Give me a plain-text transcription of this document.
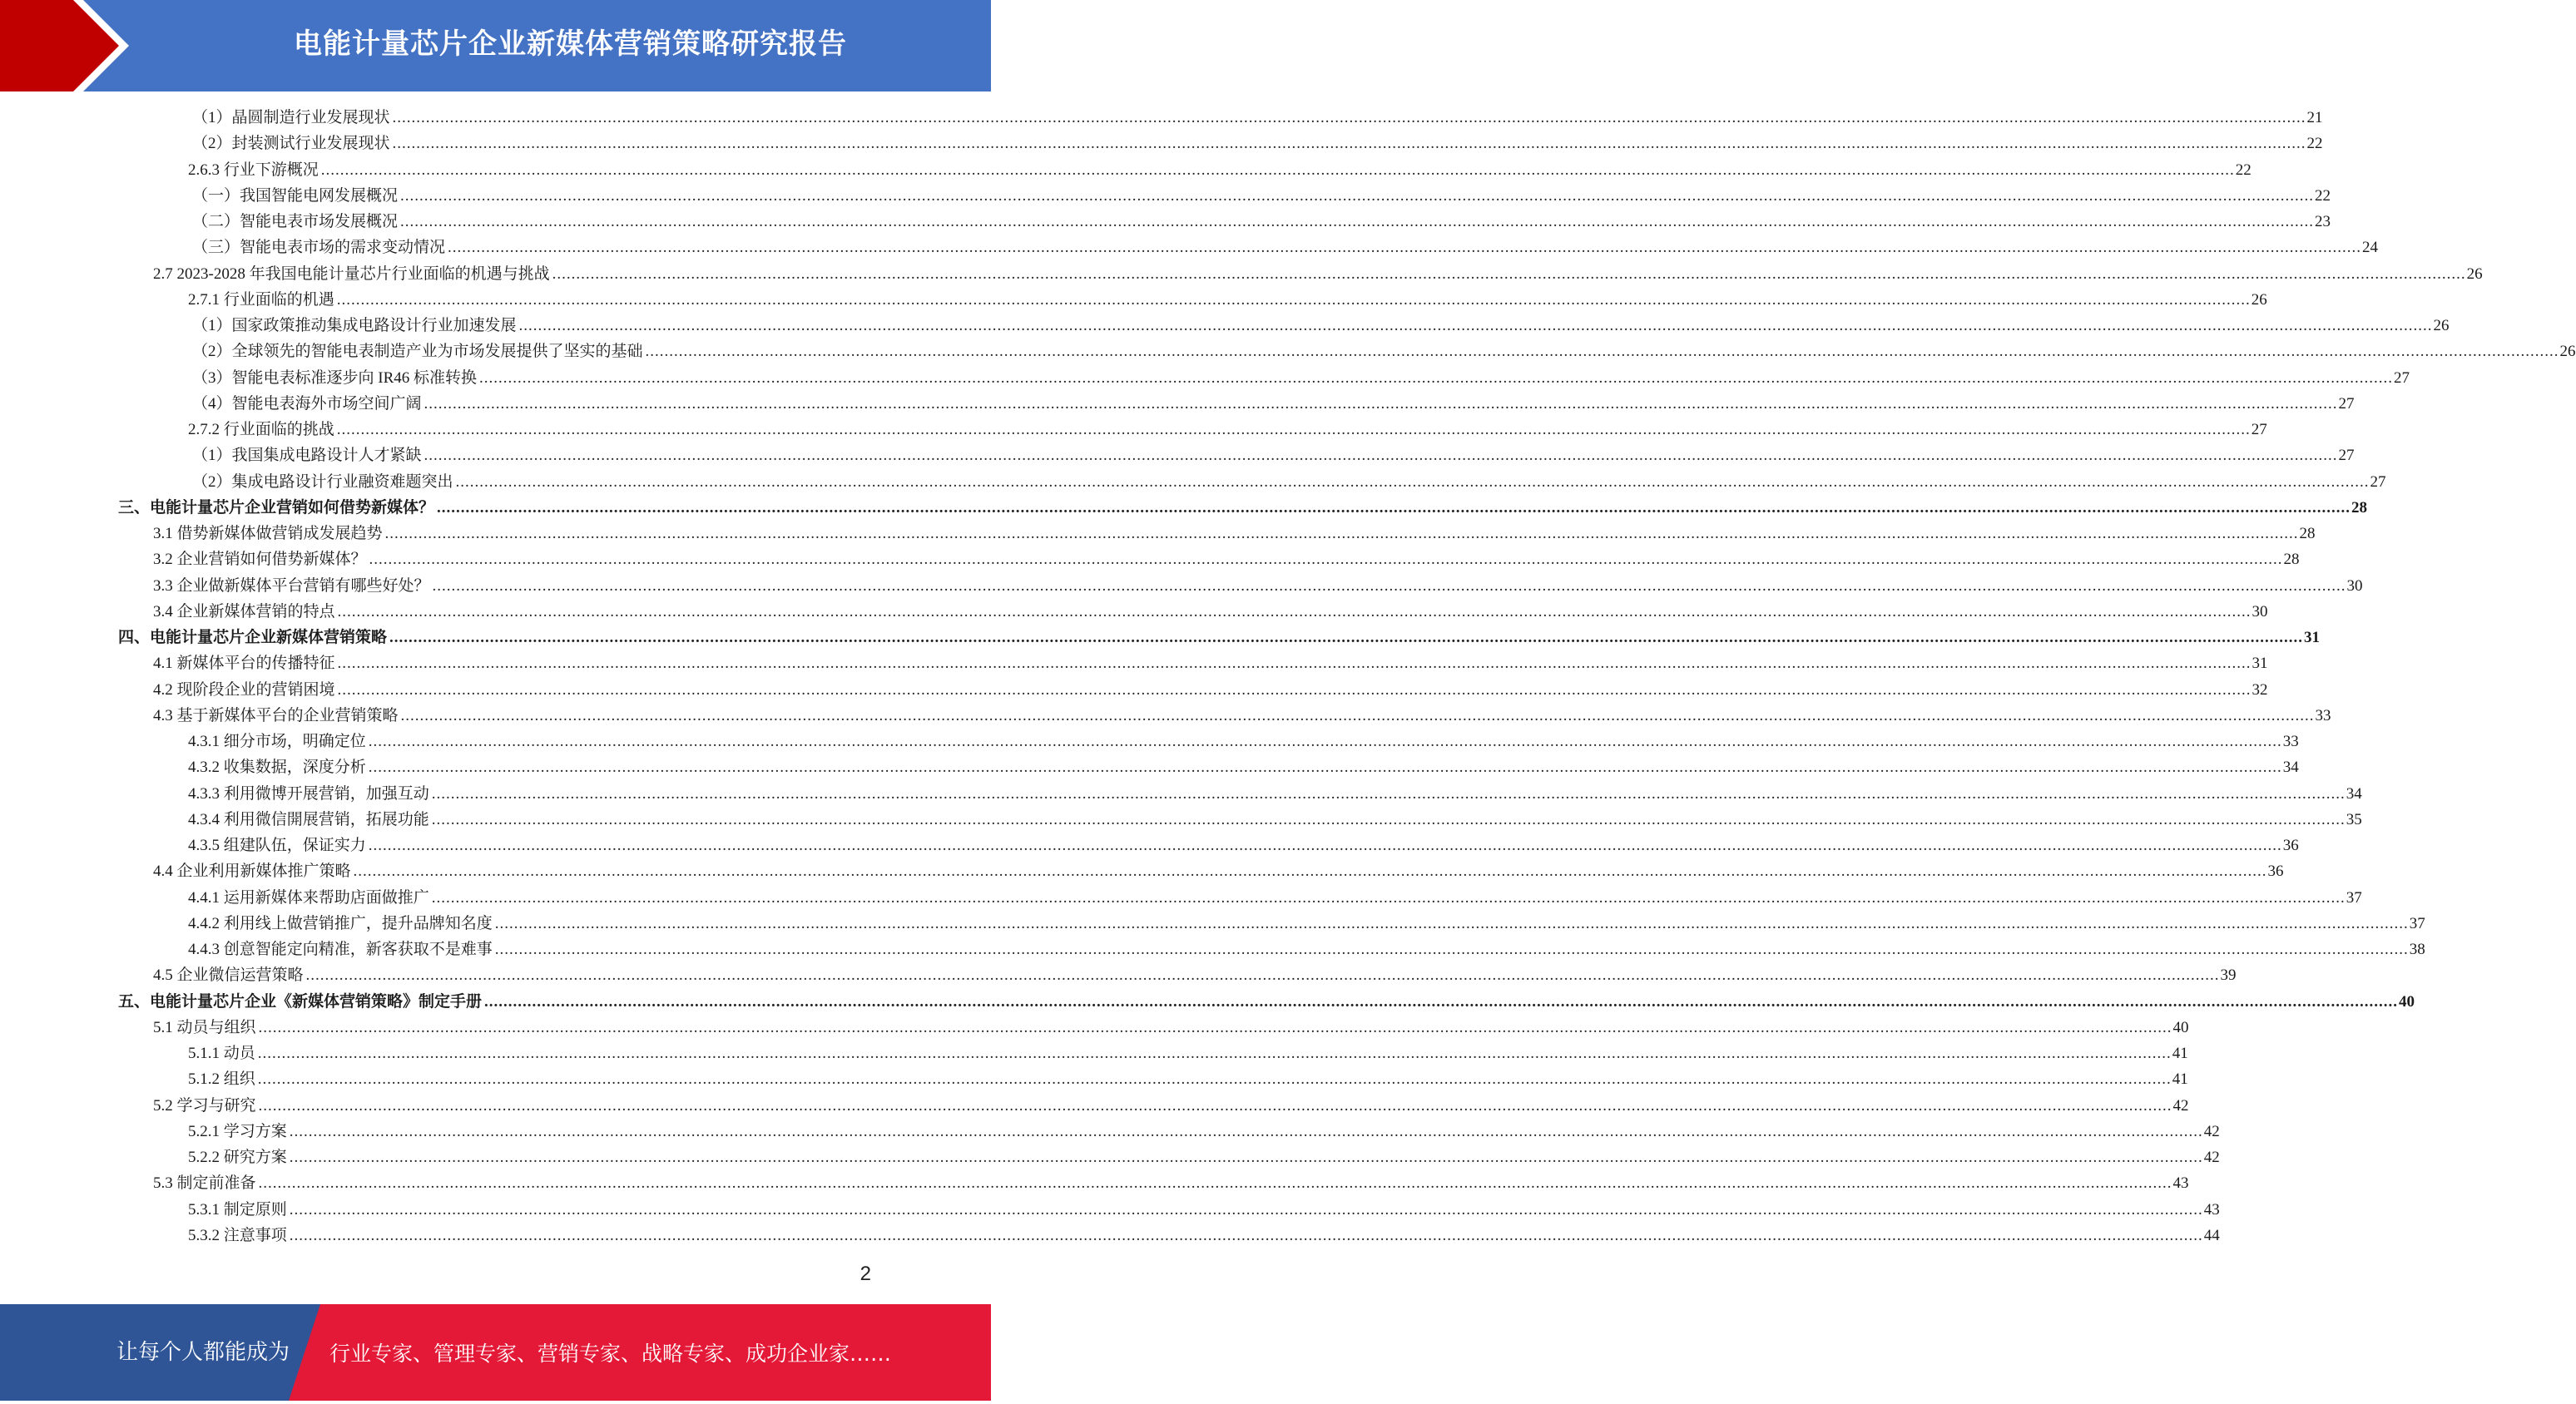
电能计量芯片企业新媒体营销策略研究报告
（1）晶圆制造行业发展现状 ................................................................................................................................................................................................................................................................................................................................................................................................................ 21
（2）封装测试行业发展现状 ................................................................................................................................................................................................................................................................................................................................................................................................................ 22
2.6.3 行业下游概况 ................................................................................................................................................................................................................................................................................................................................................................................................................ 22
（一）我国智能电网发展概况 ................................................................................................................................................................................................................................................................................................................................................................................................................ 22
（二）智能电表市场发展概况 ................................................................................................................................................................................................................................................................................................................................................................................................................ 23
（三）智能电表市场的需求变动情况 ................................................................................................................................................................................................................................................................................................................................................................................................................ 24
2.7 2023-2028 年我国电能计量芯片行业面临的机遇与挑战 ................................................................................................................................................................................................................................................................................................................................................................................................................ 26
2.7.1 行业面临的机遇 ................................................................................................................................................................................................................................................................................................................................................................................................................ 26
（1）国家政策推动集成电路设计行业加速发展 ................................................................................................................................................................................................................................................................................................................................................................................................................ 26
（2）全球领先的智能电表制造产业为市场发展提供了坚实的基础 ................................................................................................................................................................................................................................................................................................................................................................................................................ 26
（3）智能电表标准逐步向 IR46 标准转换 ................................................................................................................................................................................................................................................................................................................................................................................................................ 27
（4）智能电表海外市场空间广阔 ................................................................................................................................................................................................................................................................................................................................................................................................................ 27
2.7.2 行业面临的挑战 ................................................................................................................................................................................................................................................................................................................................................................................................................ 27
（1）我国集成电路设计人才紧缺 ................................................................................................................................................................................................................................................................................................................................................................................................................ 27
（2）集成电路设计行业融资难题突出 ................................................................................................................................................................................................................................................................................................................................................................................................................ 27
三、电能计量芯片企业营销如何借势新媒体？ ................................................................................................................................................................................................................................................................................................................................................................................................................ 28
3.1 借势新媒体做营销成发展趋势 ................................................................................................................................................................................................................................................................................................................................................................................................................ 28
3.2 企业营销如何借势新媒体？ ................................................................................................................................................................................................................................................................................................................................................................................................................ 28
3.3 企业做新媒体平台营销有哪些好处？ ................................................................................................................................................................................................................................................................................................................................................................................................................ 30
3.4 企业新媒体营销的特点 ................................................................................................................................................................................................................................................................................................................................................................................................................ 30
四、电能计量芯片企业新媒体营销策略 ................................................................................................................................................................................................................................................................................................................................................................................................................ 31
4.1 新媒体平台的传播特征 ................................................................................................................................................................................................................................................................................................................................................................................................................ 31
4.2 现阶段企业的营销困境 ................................................................................................................................................................................................................................................................................................................................................................................................................ 32
4.3 基于新媒体平台的企业营销策略 ................................................................................................................................................................................................................................................................................................................................................................................................................ 33
4.3.1 细分市场，明确定位 ................................................................................................................................................................................................................................................................................................................................................................................................................ 33
4.3.2 收集数据，深度分析 ................................................................................................................................................................................................................................................................................................................................................................................................................ 34
4.3.3 利用微博开展营销，加强互动 ................................................................................................................................................................................................................................................................................................................................................................................................................ 34
4.3.4 利用微信開展营销，拓展功能 ................................................................................................................................................................................................................................................................................................................................................................................................................ 35
4.3.5 组建队伍，保证实力 ................................................................................................................................................................................................................................................................................................................................................................................................................ 36
4.4 企业利用新媒体推广策略 ................................................................................................................................................................................................................................................................................................................................................................................................................ 36
4.4.1 运用新媒体来帮助店面做推广 ................................................................................................................................................................................................................................................................................................................................................................................................................ 37
4.4.2 利用线上做营销推广，提升品牌知名度 ................................................................................................................................................................................................................................................................................................................................................................................................................ 37
4.4.3 创意智能定向精准，新客获取不是难事 ................................................................................................................................................................................................................................................................................................................................................................................................................ 38
4.5 企业微信运营策略 ................................................................................................................................................................................................................................................................................................................................................................................................................ 39
五、电能计量芯片企业《新媒体营销策略》制定手册 ................................................................................................................................................................................................................................................................................................................................................................................................................ 40
5.1 动员与组织 ................................................................................................................................................................................................................................................................................................................................................................................................................ 40
5.1.1 动员 ................................................................................................................................................................................................................................................................................................................................................................................................................ 41
5.1.2 组织 ................................................................................................................................................................................................................................................................................................................................................................................................................ 41
5.2 学习与研究 ................................................................................................................................................................................................................................................................................................................................................................................................................ 42
5.2.1 学习方案 ................................................................................................................................................................................................................................................................................................................................................................................................................ 42
5.2.2 研究方案 ................................................................................................................................................................................................................................................................................................................................................................................................................ 42
5.3 制定前准备 ................................................................................................................................................................................................................................................................................................................................................................................................................ 43
5.3.1 制定原则 ................................................................................................................................................................................................................................................................................................................................................................................................................ 43
5.3.2 注意事项 ................................................................................................................................................................................................................................................................................................................................................................................................................ 44
2
让每个人都能成为 行业专家、管理专家、营销专家、战略专家、成功企业家……
